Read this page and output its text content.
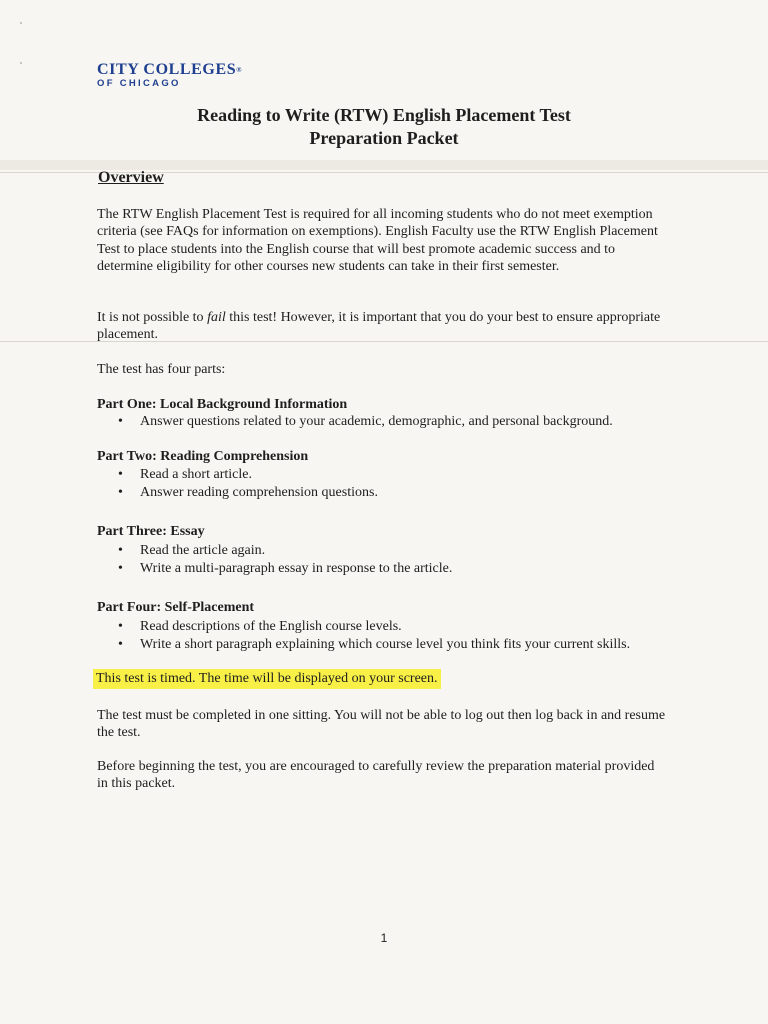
CITY COLLEGES®
OF CHICAGO
Reading to Write (RTW) English Placement Test
Preparation Packet
Overview

The RTW English Placement Test is required for all incoming students who do not meet exemption criteria (see FAQs for information on exemptions). English Faculty use the RTW English Placement Test to place students into the English course that will best promote academic success and to determine eligibility for other courses new students can take in their first semester.

It is not possible to fail this test! However, it is important that you do your best to ensure appropriate placement.

The test has four parts:

Part One: Local Background Information
• Answer questions related to your academic, demographic, and personal background.
Part Two: Reading Comprehension
• Read a short article.
• Answer reading comprehension questions.
Part Three: Essay
• Read the article again.
• Write a multi-paragraph essay in response to the article.
Part Four: Self-Placement
• Read descriptions of the English course levels.
• Write a short paragraph explaining which course level you think fits your current skills.
This test is timed. The time will be displayed on your screen.

The test must be completed in one sitting. You will not be able to log out then log back in and resume the test.

Before beginning the test, you are encouraged to carefully review the preparation material provided in this packet.

1
